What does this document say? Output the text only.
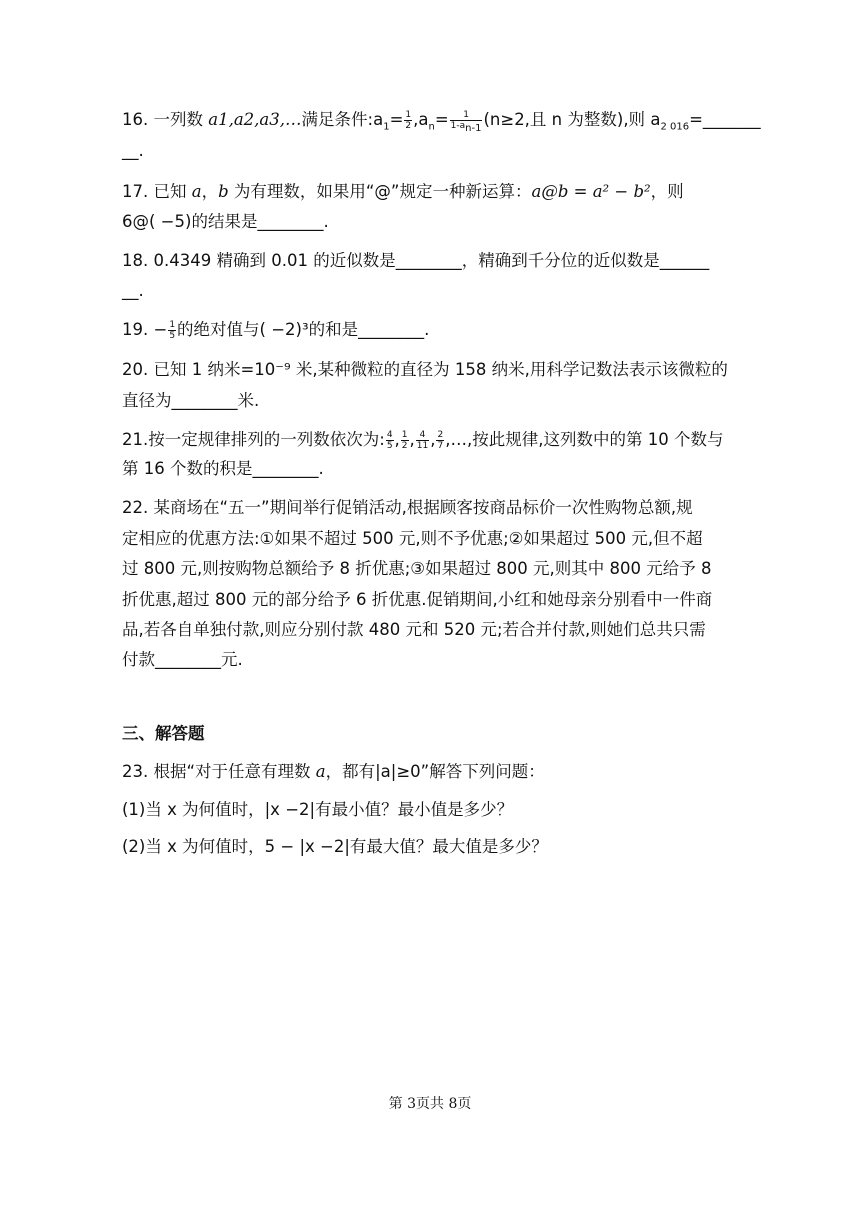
16. 一列数 a1,a2,a3,…满足条件$:a_1= \frac{1}{2} ,a_n= \frac{1}{1-a_{n-1}} (n\ge 2$,且 n 为整数),则 $a_{2 016}=\_\_\_\_\_\_\_$
__.
17. 已知 a，b 为有理数，如果用“@”规定一种新运算：a@b = a² − b²，则
6@( −5)的结果是________.
18. 0.4349 精确到 0.01 的近似数是________，精确到千分位的近似数是______
__.
19. − $\frac{1}{5}$ 的绝对值与( −2)³的和是________.
20. 已知 1 纳米=10⁻⁹ 米,某种微粒的直径为 158 纳米,用科学记数法表示该微粒的
直径为________米.
21.按一定规律排列的一列数依次为: $\frac{4}{5}$ , $\frac{1}{2}$ , $\frac{4}{11}$ , $\frac{2}{7}$ ,…,按此规律,这列数中的第 10 个数与
第 16 个数的积是________.
22. 某商场在“五一”期间举行促销活动,根据顾客按商品标价一次性购物总额,规
定相应的优惠方法:①如果不超过 500 元,则不予优惠;②如果超过 500 元,但不超
过 800 元,则按购物总额给予 8 折优惠;③如果超过 800 元,则其中 800 元给予 8
折优惠,超过 800 元的部分给予 6 折优惠.促销期间,小红和她母亲分别看中一件商
品,若各自单独付款,则应分别付款 480 元和 520 元;若合并付款,则她们总共只需
付款________元.
三、解答题
23. 根据“对于任意有理数 a，都有|a|≥0”解答下列问题：
(1)当 x 为何值时，|x −2|有最小值？最小值是多少？
(2)当 x 为何值时，5 − |x −2|有最大值？最大值是多少？
第 3页共 8页
